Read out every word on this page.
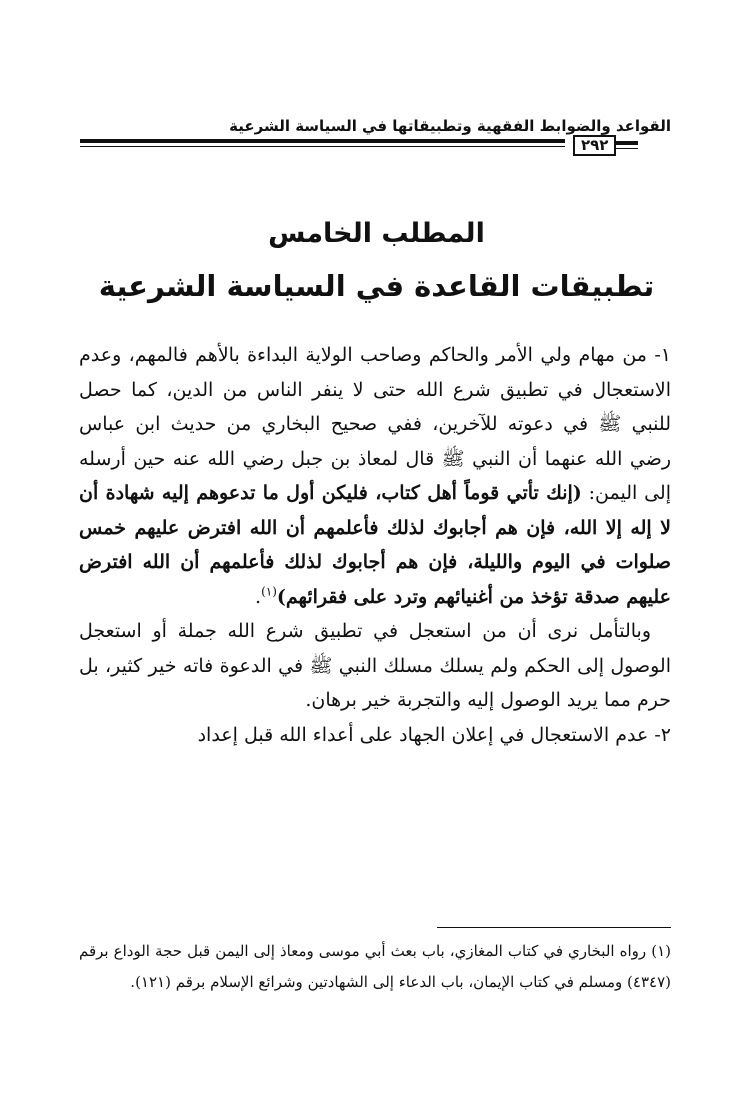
القواعد والضوابط الفقهية وتطبيقاتها في السياسة الشرعية
٢٩٢
المطلب الخامس
تطبيقات القاعدة في السياسة الشرعية

١- من مهام ولي الأمر والحاكم وصاحب الولاية البداءة بالأهم فالمهم، وعدم الاستعجال في تطبيق شرع الله حتى لا ينفر الناس من الدين، كما حصل للنبي ﷺ في دعوته للآخرين، ففي صحيح البخاري من حديث ابن عباس رضي الله عنهما أن النبي ﷺ قال لمعاذ بن جبل رضي الله عنه حين أرسله إلى اليمن: (إنك تأتي قوماً أهل كتاب، فليكن أول ما تدعوهم إليه شهادة أن لا إله إلا الله، فإن هم أجابوك لذلك فأعلمهم أن الله افترض عليهم خمس صلوات في اليوم والليلة، فإن هم أجابوك لذلك فأعلمهم أن الله افترض عليهم صدقة تؤخذ من أغنيائهم وترد على فقرائهم)$^{(١)}$.

وبالتأمل نرى أن من استعجل في تطبيق شرع الله جملة أو استعجل الوصول إلى الحكم ولم يسلك مسلك النبي ﷺ في الدعوة فاته خير كثير، بل حرم مما يريد الوصول إليه والتجربة خير برهان.

٢- عدم الاستعجال في إعلان الجهاد على أعداء الله قبل إعداد

(١) رواه البخاري في كتاب المغازي، باب بعث أبي موسى ومعاذ إلى اليمن قبل حجة الوداع برقم (٤٣٤٧) ومسلم في كتاب الإيمان، باب الدعاء إلى الشهادتين وشرائع الإسلام برقم (١٢١).
